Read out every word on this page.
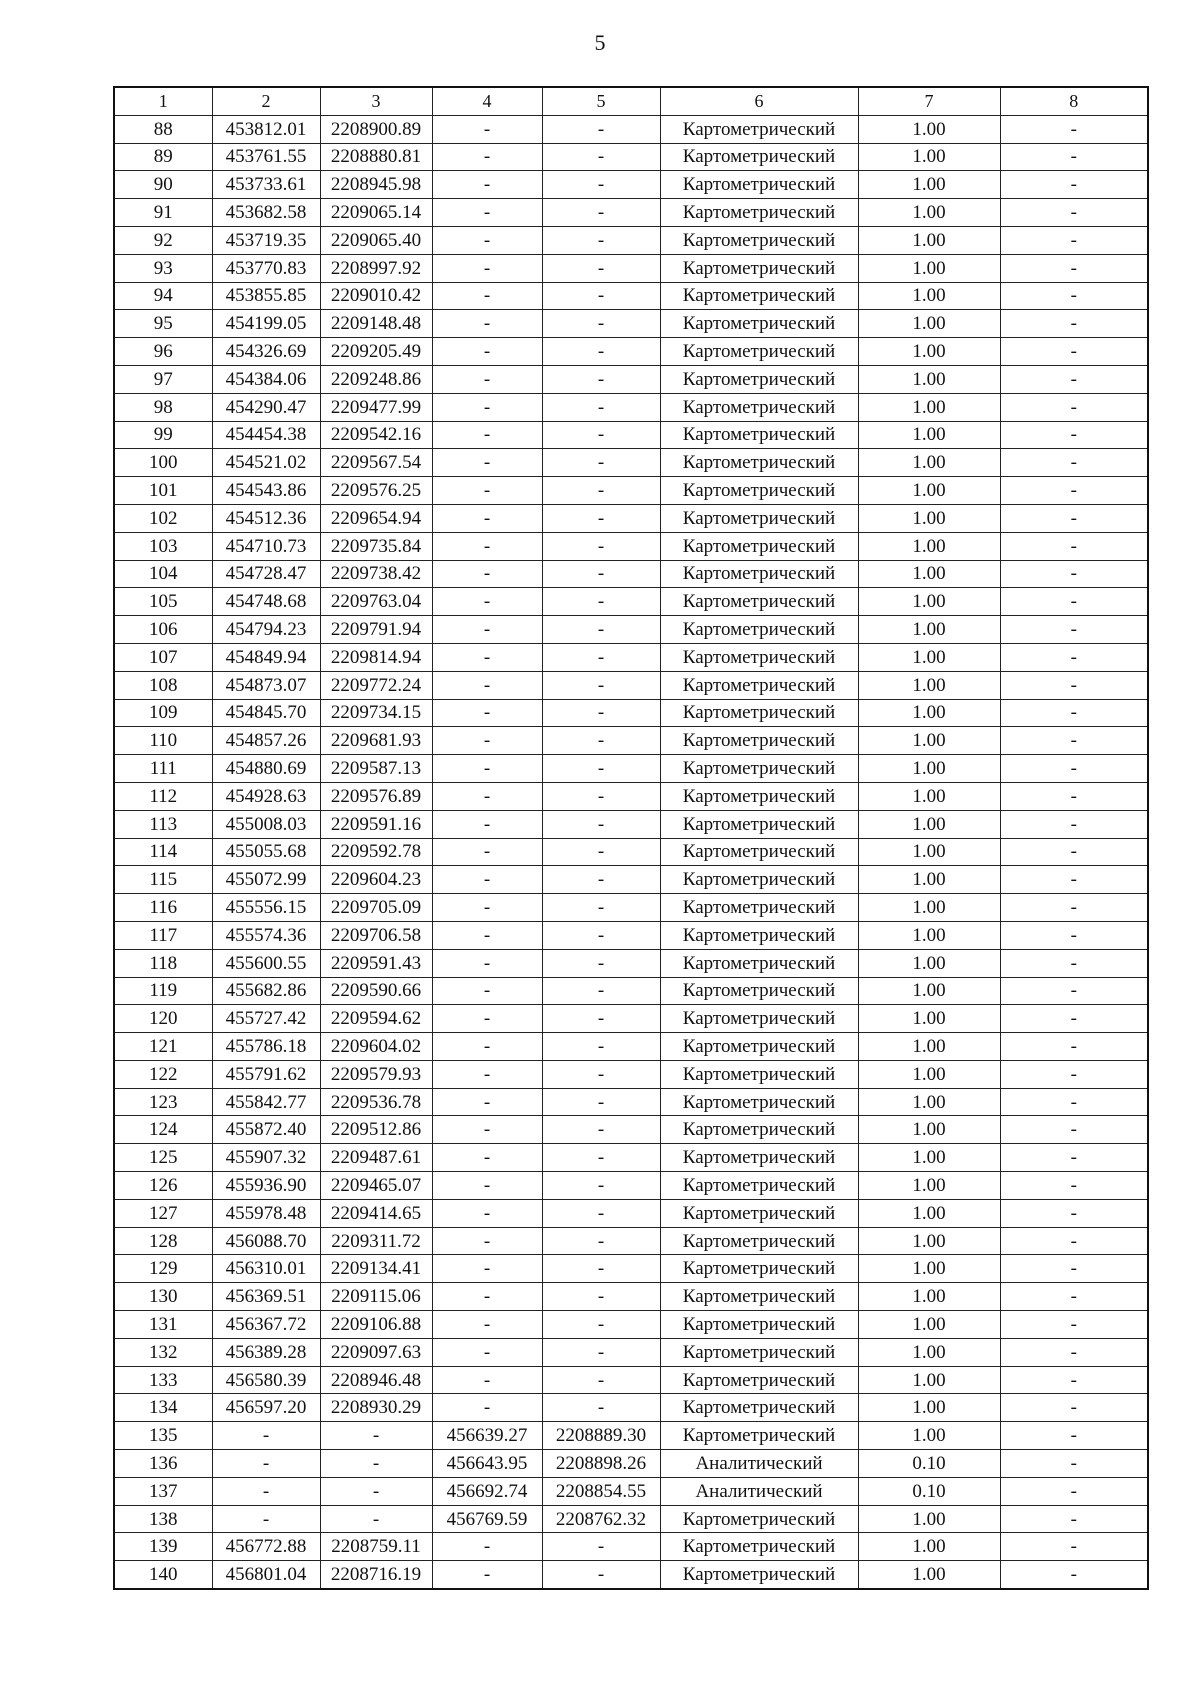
5
1	2	3	4	5	6	7	8
88	453812.01	2208900.89	-	-	Картометрический	1.00	-
89	453761.55	2208880.81	-	-	Картометрический	1.00	-
90	453733.61	2208945.98	-	-	Картометрический	1.00	-
91	453682.58	2209065.14	-	-	Картометрический	1.00	-
92	453719.35	2209065.40	-	-	Картометрический	1.00	-
93	453770.83	2208997.92	-	-	Картометрический	1.00	-
94	453855.85	2209010.42	-	-	Картометрический	1.00	-
95	454199.05	2209148.48	-	-	Картометрический	1.00	-
96	454326.69	2209205.49	-	-	Картометрический	1.00	-
97	454384.06	2209248.86	-	-	Картометрический	1.00	-
98	454290.47	2209477.99	-	-	Картометрический	1.00	-
99	454454.38	2209542.16	-	-	Картометрический	1.00	-
100	454521.02	2209567.54	-	-	Картометрический	1.00	-
101	454543.86	2209576.25	-	-	Картометрический	1.00	-
102	454512.36	2209654.94	-	-	Картометрический	1.00	-
103	454710.73	2209735.84	-	-	Картометрический	1.00	-
104	454728.47	2209738.42	-	-	Картометрический	1.00	-
105	454748.68	2209763.04	-	-	Картометрический	1.00	-
106	454794.23	2209791.94	-	-	Картометрический	1.00	-
107	454849.94	2209814.94	-	-	Картометрический	1.00	-
108	454873.07	2209772.24	-	-	Картометрический	1.00	-
109	454845.70	2209734.15	-	-	Картометрический	1.00	-
110	454857.26	2209681.93	-	-	Картометрический	1.00	-
111	454880.69	2209587.13	-	-	Картометрический	1.00	-
112	454928.63	2209576.89	-	-	Картометрический	1.00	-
113	455008.03	2209591.16	-	-	Картометрический	1.00	-
114	455055.68	2209592.78	-	-	Картометрический	1.00	-
115	455072.99	2209604.23	-	-	Картометрический	1.00	-
116	455556.15	2209705.09	-	-	Картометрический	1.00	-
117	455574.36	2209706.58	-	-	Картометрический	1.00	-
118	455600.55	2209591.43	-	-	Картометрический	1.00	-
119	455682.86	2209590.66	-	-	Картометрический	1.00	-
120	455727.42	2209594.62	-	-	Картометрический	1.00	-
121	455786.18	2209604.02	-	-	Картометрический	1.00	-
122	455791.62	2209579.93	-	-	Картометрический	1.00	-
123	455842.77	2209536.78	-	-	Картометрический	1.00	-
124	455872.40	2209512.86	-	-	Картометрический	1.00	-
125	455907.32	2209487.61	-	-	Картометрический	1.00	-
126	455936.90	2209465.07	-	-	Картометрический	1.00	-
127	455978.48	2209414.65	-	-	Картометрический	1.00	-
128	456088.70	2209311.72	-	-	Картометрический	1.00	-
129	456310.01	2209134.41	-	-	Картометрический	1.00	-
130	456369.51	2209115.06	-	-	Картометрический	1.00	-
131	456367.72	2209106.88	-	-	Картометрический	1.00	-
132	456389.28	2209097.63	-	-	Картометрический	1.00	-
133	456580.39	2208946.48	-	-	Картометрический	1.00	-
134	456597.20	2208930.29	-	-	Картометрический	1.00	-
135	-	-	456639.27	2208889.30	Картометрический	1.00	-
136	-	-	456643.95	2208898.26	Аналитический	0.10	-
137	-	-	456692.74	2208854.55	Аналитический	0.10	-
138	-	-	456769.59	2208762.32	Картометрический	1.00	-
139	456772.88	2208759.11	-	-	Картометрический	1.00	-
140	456801.04	2208716.19	-	-	Картометрический	1.00	-
